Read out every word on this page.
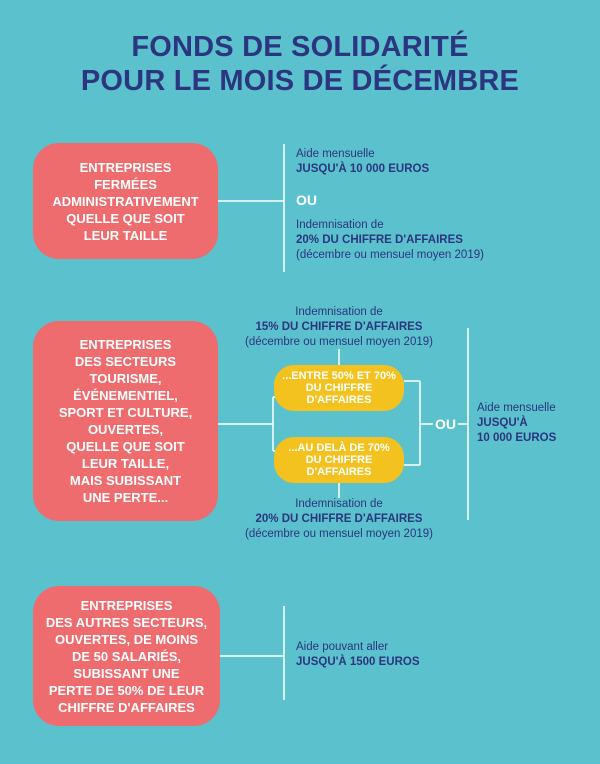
FONDS DE SOLIDARITÉ
POUR LE MOIS DE DÉCEMBRE
ENTREPRISES
FERMÉES
ADMINISTRATIVEMENT
QUELLE QUE SOIT
LEUR TAILLE
Aide mensuelle
JUSQU'À 10 000 EUROS
OU
Indemnisation de
20% DU CHIFFRE D'AFFAIRES
(décembre ou mensuel moyen 2019)
ENTREPRISES
DES SECTEURS
TOURISME,
ÉVÉNEMENTIEL,
SPORT ET CULTURE,
OUVERTES,
QUELLE QUE SOIT
LEUR TAILLE,
MAIS SUBISSANT
UNE PERTE...
Indemnisation de
15% DU CHIFFRE D'AFFAIRES
(décembre ou mensuel moyen 2019)
...ENTRE 50% ET 70%
DU CHIFFRE
D'AFFAIRES
...AU DELÀ DE 70%
DU CHIFFRE
D'AFFAIRES
OU
Aide mensuelle
JUSQU'À
10 000 EUROS
Indemnisation de
20% DU CHIFFRE D'AFFAIRES
(décembre ou mensuel moyen 2019)
ENTREPRISES
DES AUTRES SECTEURS,
OUVERTES, DE MOINS
DE 50 SALARIÉS,
SUBISSANT UNE
PERTE DE 50% DE LEUR
CHIFFRE D'AFFAIRES
Aide pouvant aller
JUSQU'À 1500 EUROS
